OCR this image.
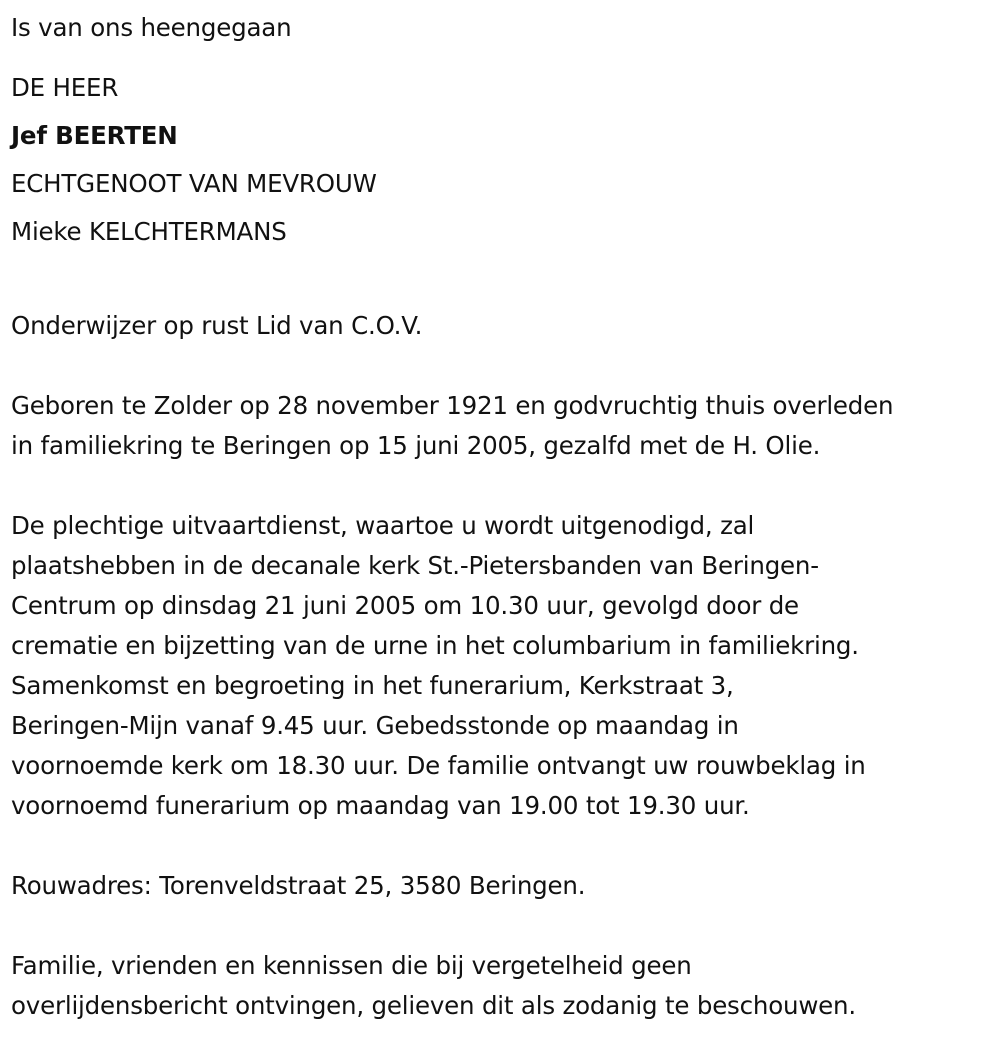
Is van ons heengegaan
DE HEER
Jef BEERTEN
ECHTGENOOT VAN MEVROUW
Mieke KELCHTERMANS
Onderwijzer op rust Lid van C.O.V.
Geboren te Zolder op 28 november 1921 en godvruchtig thuis overleden
in familiekring te Beringen op 15 juni 2005, gezalfd met de H. Olie.
De plechtige uitvaartdienst, waartoe u wordt uitgenodigd, zal
plaatshebben in de decanale kerk St.-Pietersbanden van Beringen-
Centrum op dinsdag 21 juni 2005 om 10.30 uur, gevolgd door de
crematie en bijzetting van de urne in het columbarium in familiekring.
Samenkomst en begroeting in het funerarium, Kerkstraat 3,
Beringen-Mijn vanaf 9.45 uur. Gebedsstonde op maandag in
voornoemde kerk om 18.30 uur. De familie ontvangt uw rouwbeklag in
voornoemd funerarium op maandag van 19.00 tot 19.30 uur.
Rouwadres: Torenveldstraat 25, 3580 Beringen.
Familie, vrienden en kennissen die bij vergetelheid geen
overlijdensbericht ontvingen, gelieven dit als zodanig te beschouwen.
